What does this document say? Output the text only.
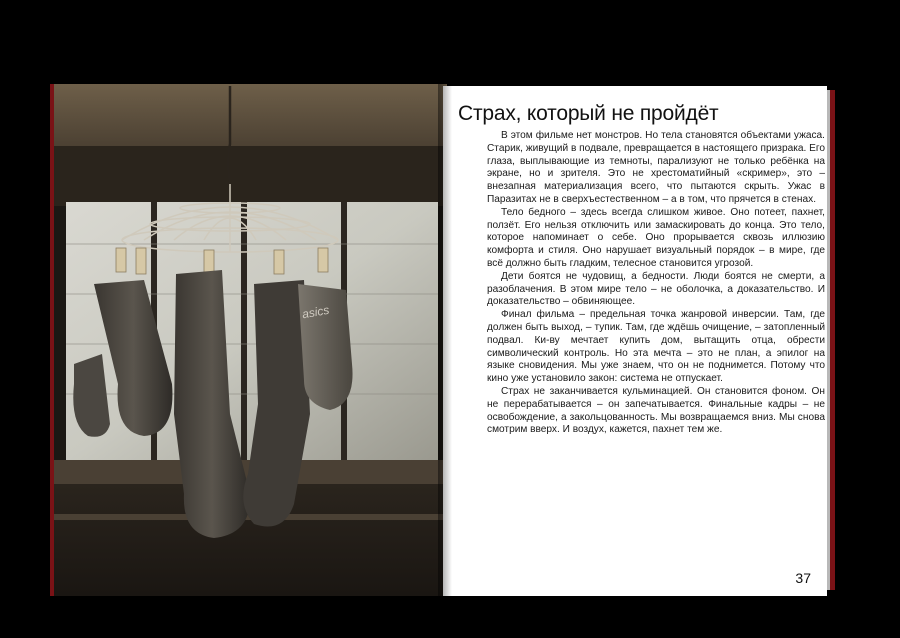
asics
Страх, который не пройдёт

В этом фильме нет монстров. Но тела становятся объектами ужаса. Старик, живущий в подвале, превращается в настоящего призрака. Его глаза, выплывающие из темноты, парализуют не только ребёнка на экране, но и зрителя. Это не хрестоматийный «скример», это – внезапная материализация всего, что пытаются скрыть. Ужас в Паразитах не в сверхъестественном – а в том, что прячется в стенах.

Тело бедного – здесь всегда слишком живое. Оно потеет, пахнет, ползёт. Его нельзя отключить или замаскировать до конца. Это тело, которое напоминает о себе. Оно прорывается сквозь иллюзию комфорта и стиля. Оно нарушает визуальный порядок – в мире, где всё должно быть гладким, телесное становится угрозой.

Дети боятся не чудовищ, а бедности. Люди боятся не смерти, а разоблачения. В этом мире тело – не оболочка, а доказательство. И доказательство – обвиняющее.

Финал фильма – предельная точка жанровой инверсии. Там, где должен быть выход, – тупик. Там, где ждёшь очищение, – затопленный подвал. Ки-ву мечтает купить дом, вытащить отца, обрести символический контроль. Но эта мечта – это не план, а эпилог на языке сновидения. Мы уже знаем, что он не поднимется. Потому что кино уже установило закон: система не отпускает.

Страх не заканчивается кульминацией. Он становится фоном. Он не перерабатывается – он запечатывается. Финальные кадры – не освобождение, а закольцованность. Мы возвращаемся вниз. Мы снова смотрим вверх. И воздух, кажется, пахнет тем же.

37
